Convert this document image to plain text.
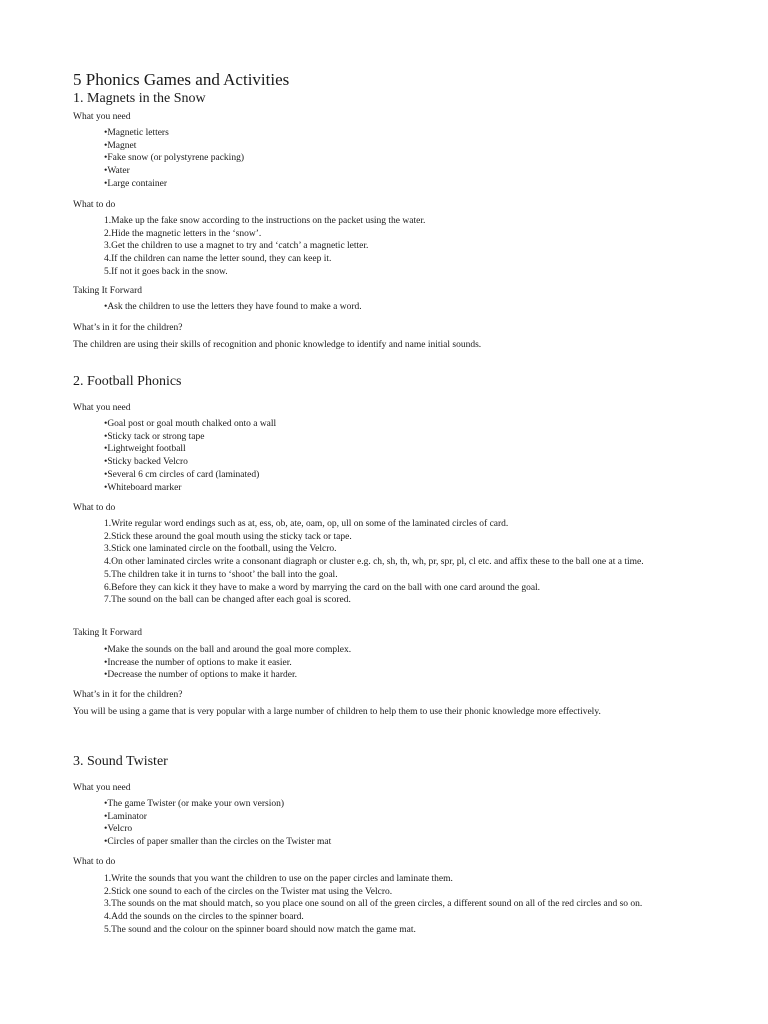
5 Phonics Games and Activities
1. Magnets in the Snow

What you need

•Magnetic letters
•Magnet
•Fake snow (or polystyrene packing)
•Water
•Large container

What to do

1.Make up the fake snow according to the instructions on the packet using the water.
2.Hide the magnetic letters in the ‘snow’.
3.Get the children to use a magnet to try and ‘catch’ a magnetic letter.
4.If the children can name the letter sound, they can keep it.
5.If not it goes back in the snow.

Taking It Forward

•Ask the children to use the letters they have found to make a word.

What’s in it for the children?

The children are using their skills of recognition and phonic knowledge to identify and name initial sounds.

2. Football Phonics

What you need

•Goal post or goal mouth chalked onto a wall
•Sticky tack or strong tape
•Lightweight football
•Sticky backed Velcro
•Several 6 cm circles of card (laminated)
•Whiteboard marker

What to do

1.Write regular word endings such as at, ess, ob, ate, oam, op, ull on some of the laminated circles of card.
2.Stick these around the goal mouth using the sticky tack or tape.
3.Stick one laminated circle on the football, using the Velcro.
4.On other laminated circles write a consonant diagraph or cluster e.g. ch, sh, th, wh, pr, spr, pl, cl etc. and affix these to the ball one at a time.
5.The children take it in turns to ‘shoot’ the ball into the goal.
6.Before they can kick it they have to make a word by marrying the card on the ball with one card around the goal.
7.The sound on the ball can be changed after each goal is scored.

Taking It Forward

•Make the sounds on the ball and around the goal more complex.
•Increase the number of options to make it easier.
•Decrease the number of options to make it harder.

What’s in it for the children?

You will be using a game that is very popular with a large number of children to help them to use their phonic knowledge more effectively.

3. Sound Twister

What you need

•The game Twister (or make your own version)
•Laminator
•Velcro
•Circles of paper smaller than the circles on the Twister mat

What to do

1.Write the sounds that you want the children to use on the paper circles and laminate them.
2.Stick one sound to each of the circles on the Twister mat using the Velcro.
3.The sounds on the mat should match, so you place one sound on all of the green circles, a different sound on all of the red circles and so on.
4.Add the sounds on the circles to the spinner board.
5.The sound and the colour on the spinner board should now match the game mat.
